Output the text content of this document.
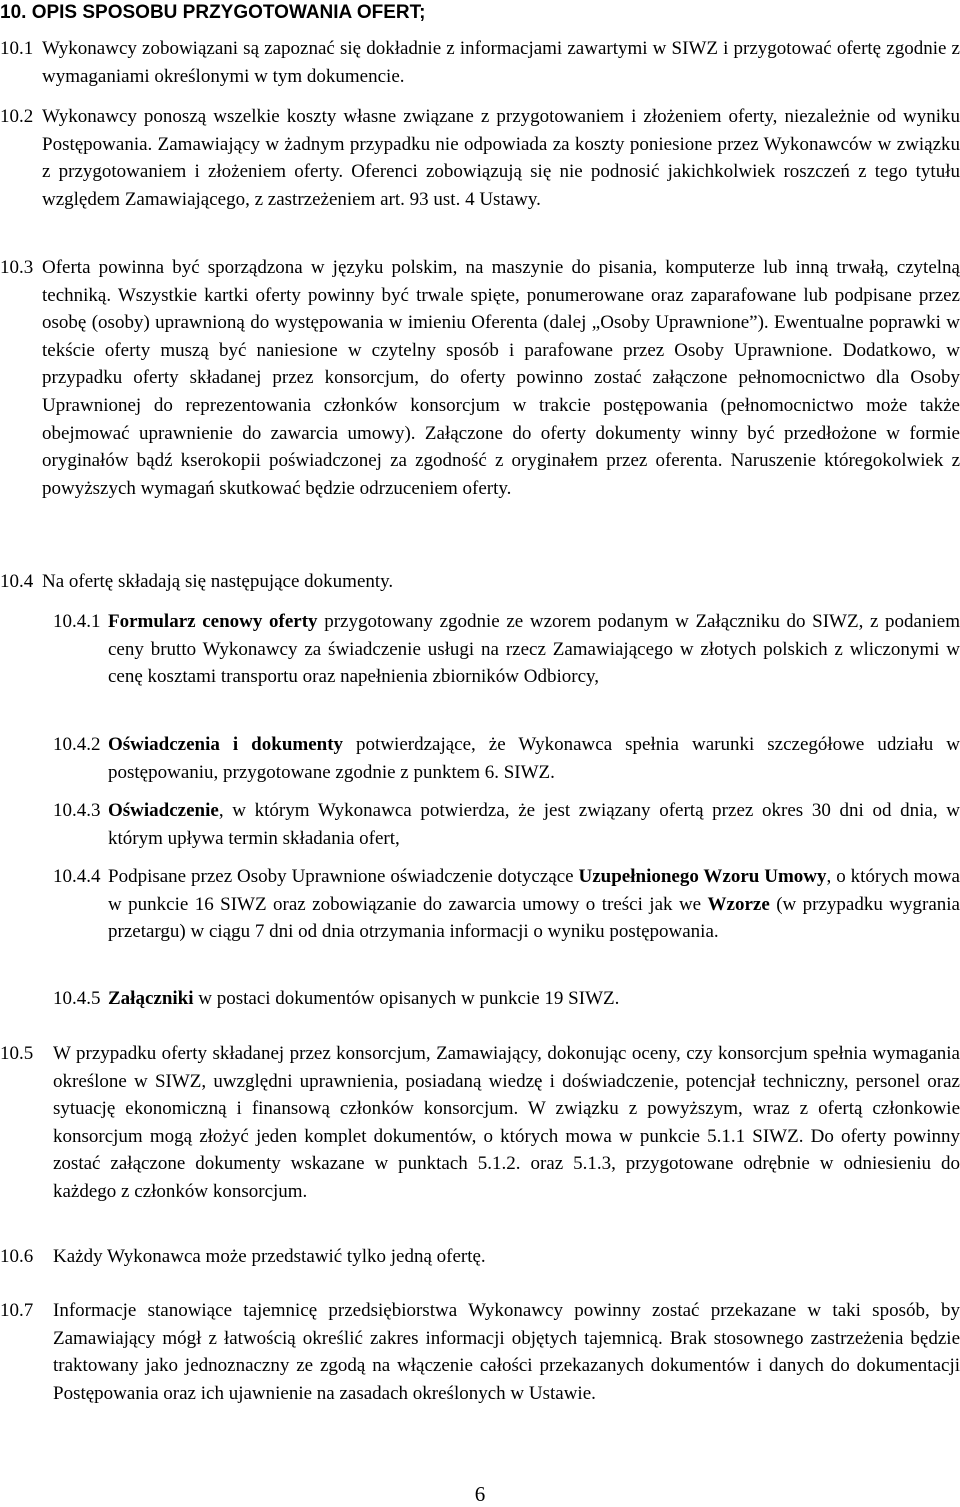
10. OPIS SPOSOBU PRZYGOTOWANIA OFERT;
10.1 Wykonawcy zobowiązani są zapoznać się dokładnie z informacjami zawartymi w SIWZ i przygotować ofertę zgodnie z wymaganiami określonymi w tym dokumencie.
10.2 Wykonawcy ponoszą wszelkie koszty własne związane z przygotowaniem i złożeniem oferty, niezależnie od wyniku Postępowania. Zamawiający w żadnym przypadku nie odpowiada za koszty poniesione przez Wykonawców w związku z przygotowaniem i złożeniem oferty. Oferenci zobowiązują się nie podnosić jakichkolwiek roszczeń z tego tytułu względem Zamawiającego, z zastrzeżeniem art. 93 ust. 4 Ustawy.
10.3 Oferta powinna być sporządzona w języku polskim, na maszynie do pisania, komputerze lub inną trwałą, czytelną techniką. Wszystkie kartki oferty powinny być trwale spięte, ponumerowane oraz zaparafowane lub podpisane przez osobę (osoby) uprawnioną do występowania w imieniu Oferenta (dalej „Osoby Uprawnione”). Ewentualne poprawki w tekście oferty muszą być naniesione w czytelny sposób i parafowane przez Osoby Uprawnione. Dodatkowo, w przypadku oferty składanej przez konsorcjum, do oferty powinno zostać załączone pełnomocnictwo dla Osoby Uprawnionej do reprezentowania członków konsorcjum w trakcie postępowania (pełnomocnictwo może także obejmować uprawnienie do zawarcia umowy). Załączone do oferty dokumenty winny być przedłożone w formie oryginałów bądź kserokopii poświadczonej za zgodność z oryginałem przez oferenta. Naruszenie któregokolwiek z powyższych wymagań skutkować będzie odrzuceniem oferty.
10.4 Na ofertę składają się następujące dokumenty.
10.4.1 Formularz cenowy oferty przygotowany zgodnie ze wzorem podanym w Załączniku do SIWZ, z podaniem ceny brutto Wykonawcy za świadczenie usługi na rzecz Zamawiającego w złotych polskich z wliczonymi w cenę kosztami transportu oraz napełnienia zbiorników Odbiorcy,
10.4.2 Oświadczenia i dokumenty potwierdzające, że Wykonawca spełnia warunki szczegółowe udziału w postępowaniu, przygotowane zgodnie z punktem 6. SIWZ.
10.4.3 Oświadczenie, w którym Wykonawca potwierdza, że jest związany ofertą przez okres 30 dni od dnia, w którym upływa termin składania ofert,
10.4.4 Podpisane przez Osoby Uprawnione oświadczenie dotyczące Uzupełnionego Wzoru Umowy, o których mowa w punkcie 16 SIWZ oraz zobowiązanie do zawarcia umowy o treści jak we Wzorze (w przypadku wygrania przetargu) w ciągu 7 dni od dnia otrzymania informacji o wyniku postępowania.
10.4.5 Załączniki w postaci dokumentów opisanych w punkcie 19 SIWZ.
10.5 W przypadku oferty składanej przez konsorcjum, Zamawiający, dokonując oceny, czy konsorcjum spełnia wymagania określone w SIWZ, uwzględni uprawnienia, posiadaną wiedzę i doświadczenie, potencjał techniczny, personel oraz sytuację ekonomiczną i finansową członków konsorcjum. W związku z powyższym, wraz z ofertą członkowie konsorcjum mogą złożyć jeden komplet dokumentów, o których mowa w punkcie 5.1.1 SIWZ. Do oferty powinny zostać załączone dokumenty wskazane w punktach 5.1.2. oraz 5.1.3, przygotowane odrębnie w odniesieniu do każdego z członków konsorcjum.
10.6 Każdy Wykonawca może przedstawić tylko jedną ofertę.
10.7 Informacje stanowiące tajemnicę przedsiębiorstwa Wykonawcy powinny zostać przekazane w taki sposób, by Zamawiający mógł z łatwością określić zakres informacji objętych tajemnicą. Brak stosownego zastrzeżenia będzie traktowany jako jednoznaczny ze zgodą na włączenie całości przekazanych dokumentów i danych do dokumentacji Postępowania oraz ich ujawnienie na zasadach określonych w Ustawie.
6
